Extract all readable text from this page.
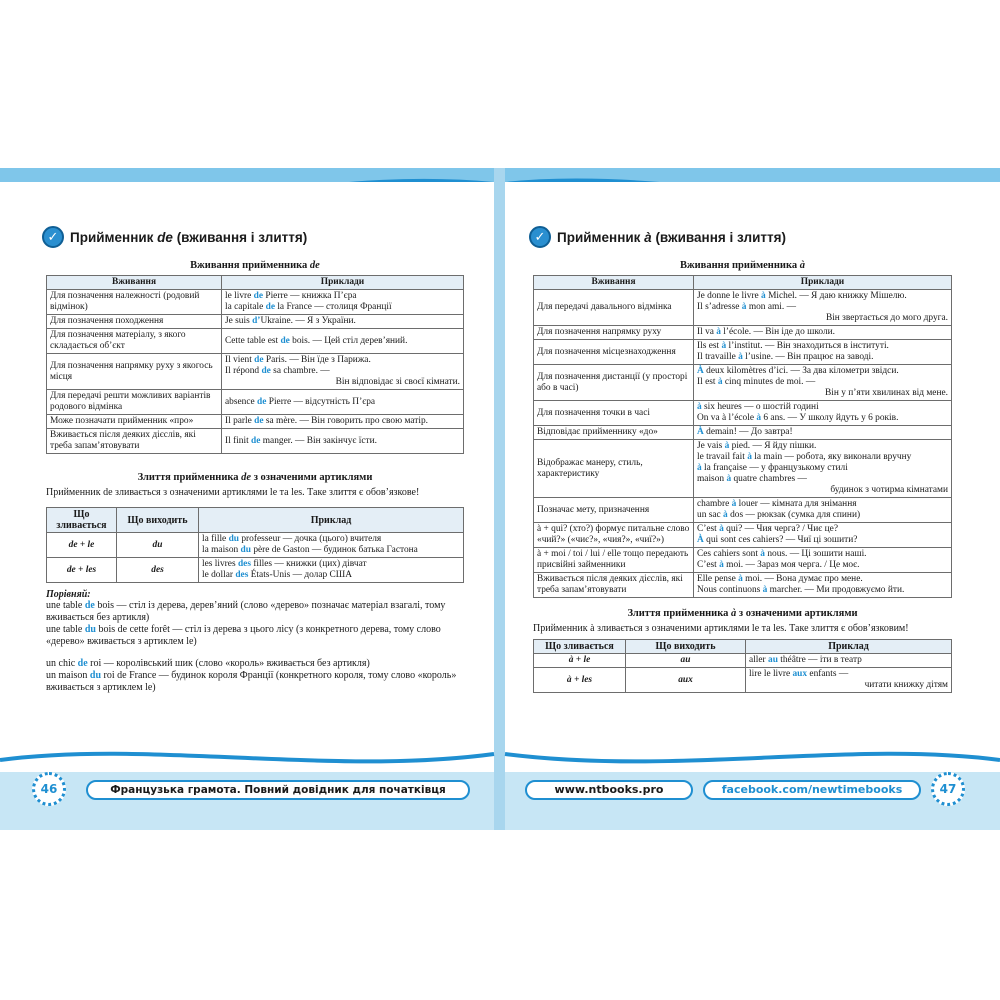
✓ Прийменник de (вживання і злиття)
Вживання прийменника de
Вживання	Приклади
Для позначення належності (родовий відмінок)	le livre de Pierre — книжка П’єра
la capitale de la France — столиця Франції

Для позначення походження	Je suis d’Ukraine. — Я з України.

Для позначення матеріалу, з якого складається об’єкт	Cette table est de bois. — Цей стіл дерев’яний.

Для позначення напрямку руху з якогось місця	Il vient de Paris. — Він їде з Парижа.
Il répond de sa chambre. —
Він відповідає зі своєї кімнати.

Для передачі решти можливих варіантів родового відмінка	absence de Pierre — відсутність П’єра

Може позначати прийменник «про»	Il parle de sa mère. — Він говорить про свою матір.

Вживається після деяких дієслів, які треба запам’ятовувати	Il finit de manger. — Він закінчує їсти.
Злиття прийменника de з означеними артиклями

Прийменник de зливається з означеними артиклями le та les. Таке злиття є обов’язкове!

Що зливається	Що виходить	Приклад
de + le	du	la fille du professeur — дочка (цього) вчителя
la maison du père de Gaston — будинок батька Гастона

de + les	des	les livres des filles — книжки (цих) дівчат
le dollar des États-Unis — долар США
Порівняй:

une table de bois — стіл із дерева, дерев’яний (слово «дерево» позначає матеріал взагалі, тому вживається без артикля)

une table du bois de cette forêt — стіл із дерева з цього лісу (з конкретного дерева, тому слово «дерево» вживається з артиклем le)

un chic de roi — королівський шик (слово «король» вживається без артикля)

un maison du roi de France — будинок короля Франції (конкретного короля, тому слово «король» вживається з артиклем le)

✓ Прийменник à (вживання і злиття)
Вживання прийменника à
Вживання	Приклади
Для передачі давального відмінка	Je donne le livre à Michel. — Я даю книжку Мішелю.
Il s’adresse à mon ami. —
Він звертається до мого друга.

Для позначення напрямку руху	Il va à l’école. — Він іде до школи.

Для позначення місцезнаходження	Ils est à l’institut. — Він знаходиться в інституті.
Il travaille à l’usine. — Він працює на заводі.

Для позначення дистанції (у просторі або в часі)	À deux kilomètres d’ici. — За два кілометри звідси.
Il est à cinq minutes de moi. —
Він у п’яти хвилинах від мене.

Для позначення точки в часі	à six heures — о шостій годині
On va à l’école à 6 ans. — У школу йдуть у 6 років.

Відповідає прийменнику «до»	À demain! — До завтра!

Відображає манеру, стиль, характеристику	Je vais à pied. — Я йду пішки.
le travail fait à la main — робота, яку виконали вручну
à la française — у французькому стилі
maison à quatre chambres —
будинок з чотирма кімнатами

Позначає мету, призначення	chambre à louer — кімната для знімання
un sac à dos — рюкзак (сумка для спини)

à + qui? (хто?) формує питальне слово «чий?» («чиє?», «чия?», «чиї?»)	C’est à qui? — Чия черга? / Чиє це?
À qui sont ces cahiers? — Чиї ці зошити?

à + moi / toi / lui / elle тощо передають присвійні займенники	Ces cahiers sont à nous. — Ці зошити наші.
C’est à moi. — Зараз моя черга. / Це моє.

Вживається після деяких дієслів, які треба запам’ятовувати	Elle pense à moi. — Вона думає про мене.
Nous continuons à marcher. — Ми продовжуємо йти.
Злиття прийменника à з означеними артиклями

Прийменник à зливається з означеними артиклями le та les. Таке злиття є обов’язковим!

Що зливається	Що виходить	Приклад
à + le	au	aller au théâtre — іти в театр

à + les	aux	lire le livre aux enfants —
читати книжку дітям
46	Французька грамота. Повний довідник для початківця	www.ntbooks.pro	facebook.com/newtimebooks	47
